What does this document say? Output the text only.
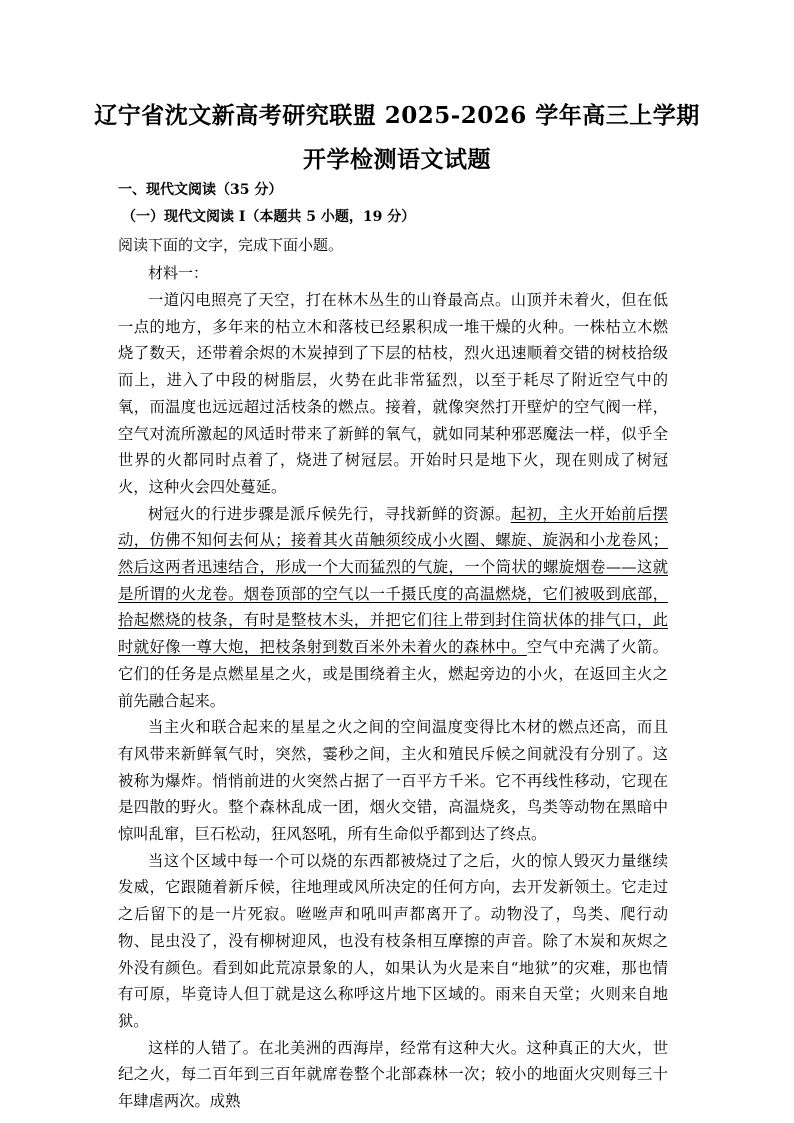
辽宁省沈文新高考研究联盟 2025-2026 学年高三上学期
开学检测语文试题
一、现代文阅读（35 分）
（一）现代文阅读 I（本题共 5 小题，19 分）
阅读下面的文字，完成下面小题。
材料一：

一道闪电照亮了天空，打在林木丛生的山脊最高点。山顶并未着火，但在低一点的地方，多年来的枯立木和落枝已经累积成一堆干燥的火种。一株枯立木燃烧了数天，还带着余烬的木炭掉到了下层的枯枝，烈火迅速顺着交错的树枝拾级而上，进入了中段的树脂层，火势在此非常猛烈，以至于耗尽了附近空气中的氧，而温度也远远超过活枝条的燃点。接着，就像突然打开壁炉的空气阀一样，空气对流所激起的风适时带来了新鲜的氧气，就如同某种邪恶魔法一样，似乎全世界的火都同时点着了，烧进了树冠层。开始时只是地下火，现在则成了树冠火，这种火会四处蔓延。

树冠火的行进步骤是派斥候先行，寻找新鲜的资源。起初，主火开始前后摆动，仿佛不知何去何从；接着其火苗触须绞成小火圈、螺旋、旋涡和小龙卷风；然后这两者迅速结合，形成一个大而猛烈的气旋，一个筒状的螺旋烟卷——这就是所谓的火龙卷。烟卷顶部的空气以一千摄氏度的高温燃烧，它们被吸到底部，拾起燃烧的枝条，有时是整枝木头，并把它们往上带到封住筒状体的排气口，此时就好像一尊大炮，把枝条射到数百米外未着火的森林中。空气中充满了火箭。它们的任务是点燃星星之火，或是围绕着主火，燃起旁边的小火，在返回主火之前先融合起来。

当主火和联合起来的星星之火之间的空间温度变得比木材的燃点还高，而且有风带来新鲜氧气时，突然，霎秒之间，主火和殖民斥候之间就没有分别了。这被称为爆炸。悄悄前进的火突然占据了一百平方千米。它不再线性移动，它现在是四散的野火。整个森林乱成一团，烟火交错，高温烧炙，鸟类等动物在黑暗中惊叫乱窜，巨石松动，狂风怒吼，所有生命似乎都到达了终点。

当这个区域中每一个可以烧的东西都被烧过了之后，火的惊人毁灭力量继续发威，它跟随着新斥候，往地理或风所决定的任何方向，去开发新领土。它走过之后留下的是一片死寂。咝咝声和吼叫声都离开了。动物没了，鸟类、爬行动物、昆虫没了，没有柳树迎风，也没有枝条相互摩擦的声音。除了木炭和灰烬之外没有颜色。看到如此荒凉景象的人，如果认为火是来自“地狱”的灾难，那也情有可原，毕竟诗人但丁就是这么称呼这片地下区域的。雨来自天堂；火则来自地狱。

这样的人错了。在北美洲的西海岸，经常有这种大火。这种真正的大火，世纪之火，每二百年到三百年就席卷整个北部森林一次；较小的地面火灾则每三十年肆虐两次。成熟
